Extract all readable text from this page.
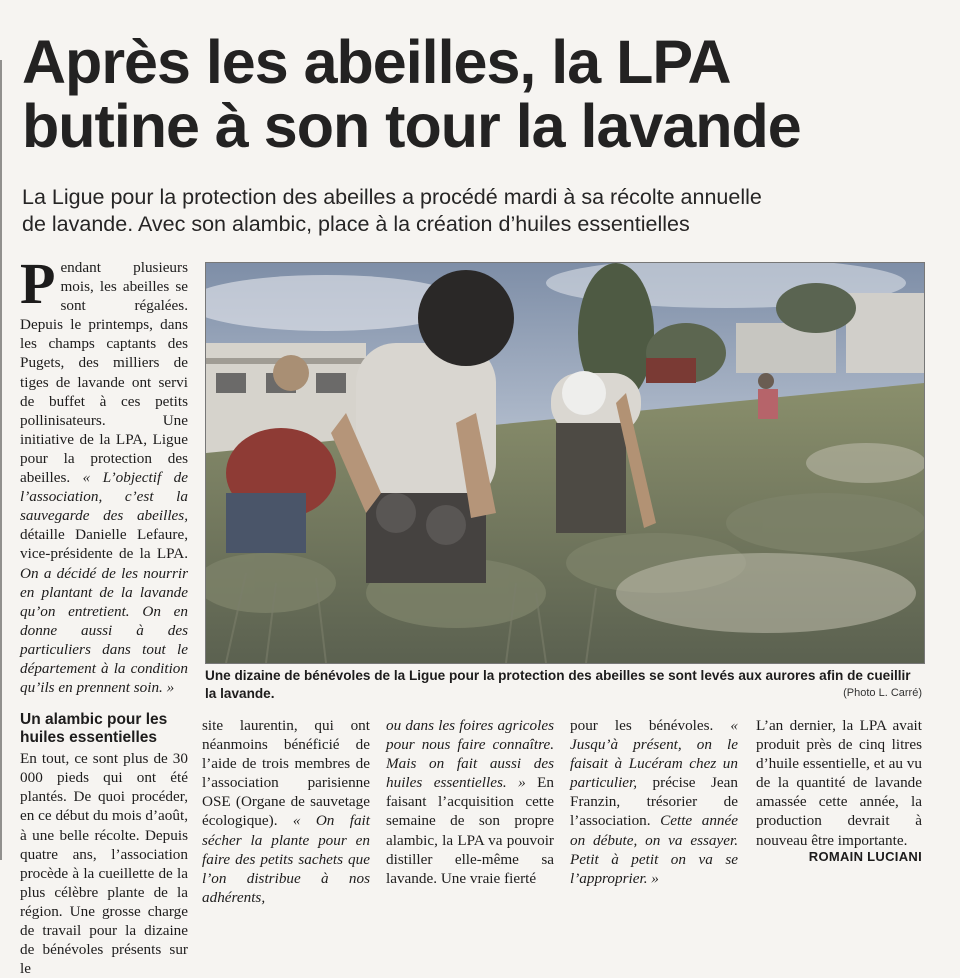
Après les abeilles, la LPA
butine à son tour la lavande
La Ligue pour la protection des abeilles a procédé mardi à sa récolte annuelle
de lavande. Avec son alambic, place à la création d’huiles essentielles

Pendant plusieurs mois, les abeilles se sont régalées. Depuis le printemps, dans les champs captants des Pugets, des milliers de tiges de lavande ont servi de buffet à ces petits pollinisateurs. Une initiative de la LPA, Ligue pour la protection des abeilles. « L’objectif de l’association, c’est la sauvegarde des abeilles, détaille Danielle Lefaure, vice-présidente de la LPA. On a décidé de les nourrir en plantant de la lavande qu’on entretient. On en donne aussi à des particuliers dans tout le département à la condition qu’ils en prennent soin. »

Un alambic pour les huiles essentielles

En tout, ce sont plus de 30 000 pieds qui ont été plantés. De quoi procéder, en ce début du mois d’août, à une belle récolte. Depuis quatre ans, l’association procède à la cueillette de la plus célèbre plante de la région. Une grosse charge de travail pour la dizaine de bénévoles présents sur le

Une dizaine de bénévoles de la Ligue pour la protection des abeilles se sont levés aux aurores afin de cueillir la lavande.	(Photo L. Carré)

site laurentin, qui ont néanmoins bénéficié de l’aide de trois membres de l’association parisienne OSE (Organe de sauvetage écologique). « On fait sécher la plante pour en faire des petits sachets que l’on distribue à nos adhérents,

ou dans les foires agricoles pour nous faire connaître. Mais on fait aussi des huiles essentielles. » En faisant l’acquisition cette semaine de son propre alambic, la LPA va pouvoir distiller elle-même sa lavande. Une vraie fierté

pour les bénévoles. « Jusqu’à présent, on le faisait à Lucéram chez un particulier, précise Jean Franzin, trésorier de l’association. Cette année on débute, on va essayer. Petit à petit on va se l’approprier. »

L’an dernier, la LPA avait produit près de cinq litres d’huile essentielle, et au vu de la quantité de lavande amassée cette année, la production devrait à nouveau être importante.

ROMAIN LUCIANI
